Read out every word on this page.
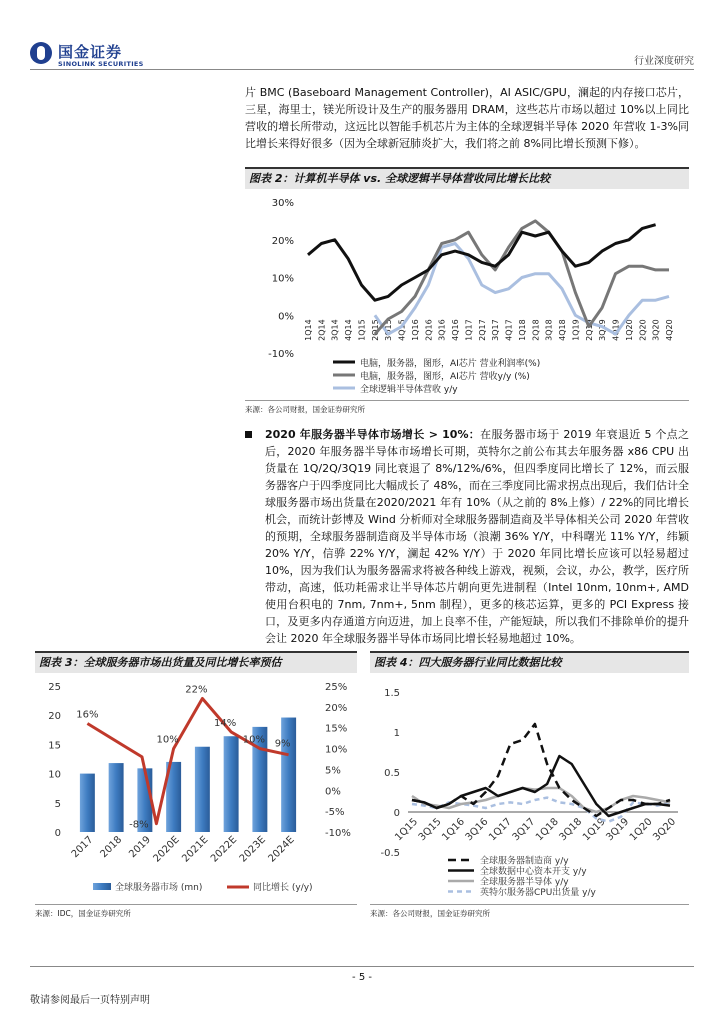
国金证券
SINOLINK SECURITIES	行业深度研究
片 BMC (Baseboard Management Controller)，AI ASIC/GPU，澜起的内存接口芯片，三星，海里士，镁光所设计及生产的服务器用 DRAM，这些芯片市场以超过 10%以上同比营收的增长所带动，这远比以智能手机芯片为主体的全球逻辑半导体 2020 年营收 1-3%同比增长来得好很多（因为全球新冠肺炎扩大，我们将之前 8%同比增长预测下修）。
图表 2：计算机半导体 vs. 全球逻辑半导体营收同比增长比较
30%
20%
10%
0%
-10%
1Q14 2Q14 3Q14 4Q14 1Q15 2Q15 3Q15 4Q15 1Q16 2Q16 3Q16 4Q16 1Q17 2Q17 3Q17 4Q17 1Q18 2Q18 3Q18 4Q18 1Q19 2Q19 3Q19 4Q19 1Q20 2Q20 3Q20 4Q20
电脑，服务器，图形，AI芯片 营业利润率(%)
电脑，服务器，图形，AI芯片 营收y/y (%)
全球逻辑半导体营收 y/y
来源：各公司财报，国金证券研究所
2020 年服务器半导体市场增长 > 10%：在服务器市场于 2019 年衰退近 5 个点之后，2020 年服务器半导体市场增长可期，英特尔之前公布其去年服务器 x86 CPU 出货量在 1Q/2Q/3Q19 同比衰退了 8%/12%/6%，但四季度同比增长了 12%，而云服务器客户于四季度同比大幅成长了 48%，而在三季度同比需求拐点出现后，我们估计全球服务器市场出货量在2020/2021 年有 10%（从之前的 8%上修）/ 22%的同比增长机会，而统计彭博及 Wind 分析师对全球服务器制造商及半导体相关公司 2020 年营收的预期，全球服务器制造商及半导体市场（浪潮 36% Y/Y，中科曙光 11% Y/Y，纬颖 20% Y/Y，信骅 22% Y/Y，澜起 42% Y/Y）于 2020 年同比增长应该可以轻易超过 10%，因为我们认为服务器需求将被各种线上游戏，视频，会议，办公，教学，医疗所带动，高速，低功耗需求让半导体芯片朝向更先进制程（Intel 10nm, 10nm+, AMD 使用台积电的 7nm, 7nm+, 5nm 制程），更多的核芯运算，更多的 PCI Express 接口，及更多内存通道方向迈进，加上良率不佳，产能短缺，所以我们不排除单价的提升会让 2020 年全球服务器半导体市场同比增长轻易地超过 10%。
图表 3：全球服务器市场出货量及同比增长率预估
25
20
15
10
5
0
25%
20%
15%
10%
5%
0%
-5%
-10%
2017 2018 2019
2020E
2021E
2022E
2023E
2024E
16%
-8%
10%
22%
14%
10% 9%
全球服务器市场 (mn)	同比增长 (y/y)
来源：IDC，国金证券研究所
图表 4：四大服务器行业同比数据比较
1.5
1
0.5
0
-0.5
1Q15
3Q15
1Q16
3Q16
1Q17
3Q17
1Q18
3Q18
1Q19
3Q19
1Q20
3Q20
全球服务器制造商 y/y
全球数据中心资本开支 y/y
全球服务器半导体 y/y
英特尔服务器CPU出货量 y/y
来源：各公司财报，国金证券研究所
- 5 -
敬请参阅最后一页特别声明
